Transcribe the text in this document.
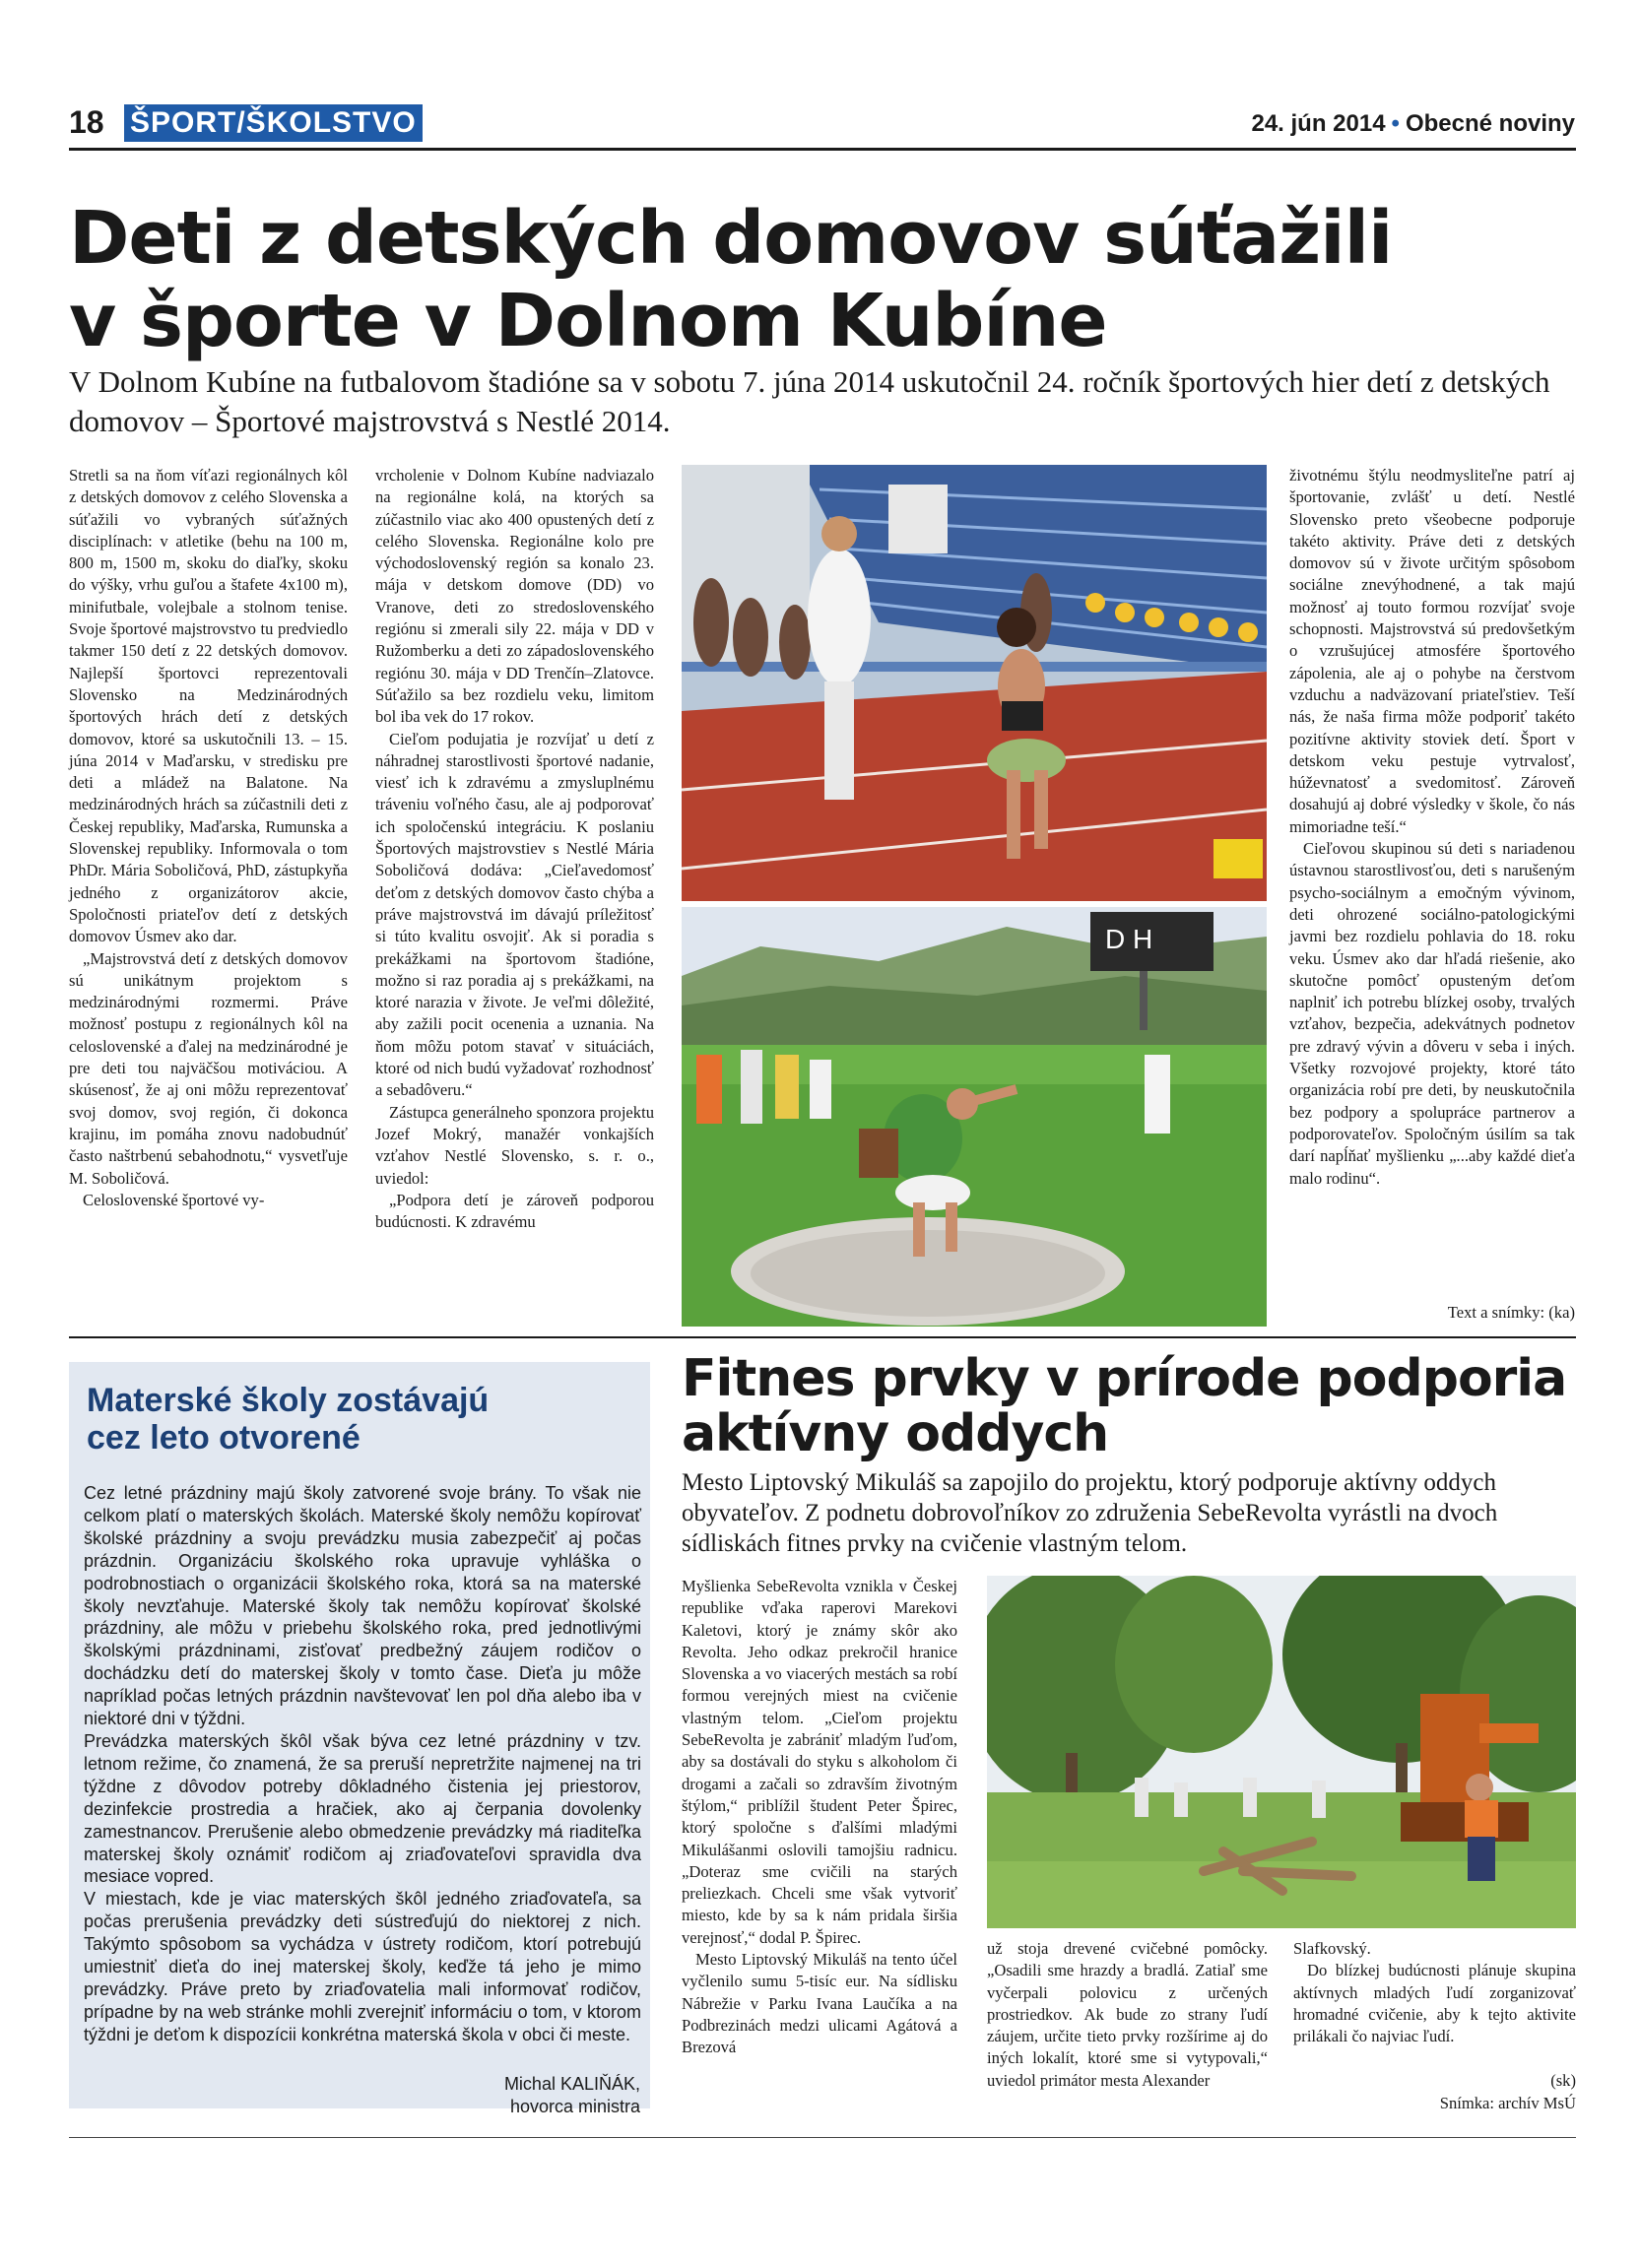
18 ŠPORT/ŠKOLSTVO	24. jún 2014 • Obecné noviny
Deti z detských domovov súťažili
v športe v Dolnom Kubíne
V Dolnom Kubíne na futbalovom štadióne sa v sobotu 7. júna 2014 uskutočnil 24. ročník športových hier detí z detských domovov – Športové majstrovstvá s Nestlé 2014.

Stretli sa na ňom víťazi regionálnych kôl z detských domovov z celého Slovenska a súťažili vo vybraných súťažných disciplínach: v atletike (behu na 100 m, 800 m, 1500 m, skoku do diaľky, skoku do výšky, vrhu guľou a štafete 4x100 m), minifutbale, volejbale a stolnom tenise. Svoje športové majstrovstvo tu predviedlo takmer 150 detí z 22 detských domovov. Najlepší športovci reprezentovali Slovensko na Medzinárodných športových hrách detí z detských domovov, ktoré sa uskutočnili 13. – 15. júna 2014 v Maďarsku, v stredisku pre deti a mládež na Balatone. Na medzinárodných hrách sa zúčastnili deti z Českej republiky, Maďarska, Rumunska a Slovenskej republiky. Informovala o tom PhDr. Mária Soboličová, PhD, zástupkyňa jedného z organizátorov akcie, Spoločnosti priateľov detí z detských domovov Úsmev ako dar.

„Majstrovstvá detí z detských domovov sú unikátnym projektom s medzinárodnými rozmermi. Práve možnosť postupu z regionálnych kôl na celoslovenské a ďalej na medzinárodné je pre deti tou najväčšou motiváciou. A skúsenosť, že aj oni môžu reprezentovať svoj domov, svoj región, či dokonca krajinu, im pomáha znovu nadobudnúť často naštrbenú sebahodnotu,“ vysvetľuje M. Soboličová.

Celoslovenské športové vy-

vrcholenie v Dolnom Kubíne nadviazalo na regionálne kolá, na ktorých sa zúčastnilo viac ako 400 opustených detí z celého Slovenska. Regionálne kolo pre východoslovenský región sa konalo 23. mája v detskom domove (DD) vo Vranove, deti zo stredoslovenského regiónu si zmerali sily 22. mája v DD v Ružomberku a deti zo západoslovenského regiónu 30. mája v DD Trenčín–Zlatovce. Súťažilo sa bez rozdielu veku, limitom bol iba vek do 17 rokov.

Cieľom podujatia je rozvíjať u detí z náhradnej starostlivosti športové nadanie, viesť ich k zdravému a zmysluplnému tráveniu voľného času, ale aj podporovať ich spoločenskú integráciu. K poslaniu Športových majstrovstiev s Nestlé Mária Soboličová dodáva: „Cieľavedomosť deťom z detských domovov často chýba a práve majstrovstvá im dávajú príležitosť si túto kvalitu osvojiť. Ak si poradia s prekážkami na športovom štadióne, možno si raz poradia aj s prekážkami, na ktoré narazia v živote. Je veľmi dôležité, aby zažili pocit ocenenia a uznania. Na ňom môžu potom stavať v situáciách, ktoré od nich budú vyžadovať rozhodnosť a sebadôveru.“

Zástupca generálneho sponzora projektu Jozef Mokrý, manažér vonkajších vzťahov Nestlé Slovensko, s. r. o., uviedol:

„Podpora detí je zároveň podporou budúcnosti. K zdravému

D H

životnému štýlu neodmysliteľne patrí aj športovanie, zvlášť u detí. Nestlé Slovensko preto všeobecne podporuje takéto aktivity. Práve deti z detských domovov sú v živote určitým spôsobom sociálne znevýhodnené, a tak majú možnosť aj touto formou rozvíjať svoje schopnosti. Majstrovstvá sú predovšetkým o vzrušujúcej atmosfére športového zápolenia, ale aj o pohybe na čerstvom vzduchu a nadväzovaní priateľstiev. Teší nás, že naša firma môže podporiť takéto pozitívne aktivity stoviek detí. Šport v detskom veku pestuje vytrvalosť, húževnatosť a svedomitosť. Zároveň dosahujú aj dobré výsledky v škole, čo nás mimoriadne teší.“

Cieľovou skupinou sú deti s nariadenou ústavnou starostlivosťou, deti s narušeným psycho-sociálnym a emočným vývinom, deti ohrozené sociálno-patologickými javmi bez rozdielu pohlavia do 18. roku veku. Úsmev ako dar hľadá riešenie, ako skutočne pomôcť opusteným deťom naplniť ich potrebu blízkej osoby, trvalých vzťahov, bezpečia, adekvátnych podnetov pre zdravý vývin a dôveru v seba i iných. Všetky rozvojové projekty, ktoré táto organizácia robí pre deti, by neuskutočnila bez podpory a spolupráce partnerov a podporovateľov. Spoločným úsilím sa tak darí napĺňať myšlienku „...aby každé dieťa malo rodinu“.

Text a snímky: (ka)
Materské školy zostávajú
cez leto otvorené

Cez letné prázdniny majú školy zatvorené svoje brány. To však nie celkom platí o materských školách. Materské školy nemôžu kopírovať školské prázdniny a svoju prevádzku musia zabezpečiť aj počas prázdnin. Organizáciu školského roka upravuje vyhláška o podrobnostiach o organizácii školského roka, ktorá sa na materské školy nevzťahuje. Materské školy tak nemôžu kopírovať školské prázdniny, ale môžu v priebehu školského roka, pred jednotlivými školskými prázdninami, zisťovať predbežný záujem rodičov o dochádzku detí do materskej školy v tomto čase. Dieťa ju môže napríklad počas letných prázdnin navštevovať len pol dňa alebo iba v niektoré dni v týždni.

Prevádzka materských škôl však býva cez letné prázdniny v tzv. letnom režime, čo znamená, že sa preruší nepretržite najmenej na tri týždne z dôvodov potreby dôkladného čistenia jej priestorov, dezinfekcie prostredia a hračiek, ako aj čerpania dovolenky zamestnancov. Prerušenie alebo obmedzenie prevádzky má riaditeľka materskej školy oznámiť rodičom aj zriaďovateľovi spravidla dva mesiace vopred.

V miestach, kde je viac materských škôl jedného zriaďovateľa, sa počas prerušenia prevádzky deti sústreďujú do niektorej z nich. Takýmto spôsobom sa vychádza v ústrety rodičom, ktorí potrebujú umiestniť dieťa do inej materskej školy, keďže tá jeho je mimo prevádzky. Práve preto by zriaďovatelia mali informovať rodičov, prípadne by na web stránke mohli zverejniť informáciu o tom, v ktorom týždni je deťom k dispozícii konkrétna materská škola v obci či meste.

Michal KALIŇÁK,
hovorca ministra
Fitnes prvky v prírode podporia
aktívny oddych
Mesto Liptovský Mikuláš sa zapojilo do projektu, ktorý podporuje aktívny oddych obyvateľov. Z podnetu dobrovoľníkov zo združenia SebeRevolta vyrástli na dvoch sídliskách fitnes prvky na cvičenie vlastným telom.

Myšlienka SebeRevolta vznikla v Českej republike vďaka raperovi Marekovi Kaletovi, ktorý je známy skôr ako Revolta. Jeho odkaz prekročil hranice Slovenska a vo viacerých mestách sa robí formou verejných miest na cvičenie vlastným telom. „Cieľom projektu SebeRevolta je zabrániť mladým ľuďom, aby sa dostávali do styku s alkoholom či drogami a začali so zdravším životným štýlom,“ priblížil študent Peter Špirec, ktorý spoločne s ďalšími mladými Mikulášanmi oslovili tamojšiu radnicu. „Doteraz sme cvičili na starých preliezkach. Chceli sme však vytvoriť miesto, kde by sa k nám pridala širšia verejnosť,“ dodal P. Špirec.

Mesto Liptovský Mikuláš na tento účel vyčlenilo sumu 5-tisíc eur. Na sídlisku Nábrežie v Parku Ivana Laučíka a na Podbrezinách medzi ulicami Agátová a Brezová

už stoja drevené cvičebné pomôcky. „Osadili sme hrazdy a bradlá. Zatiaľ sme vyčerpali polovicu z určených prostriedkov. Ak bude zo strany ľudí záujem, určite tieto prvky rozšírime aj do iných lokalít, ktoré sme si vytypovali,“ uviedol primátor mesta Alexander

Slafkovský.

Do blízkej budúcnosti plánuje skupina aktívnych mladých ľudí zorganizovať hromadné cvičenie, aby k tejto aktivite prilákali čo najviac ľudí.

(sk)
Snímka: archív MsÚ
